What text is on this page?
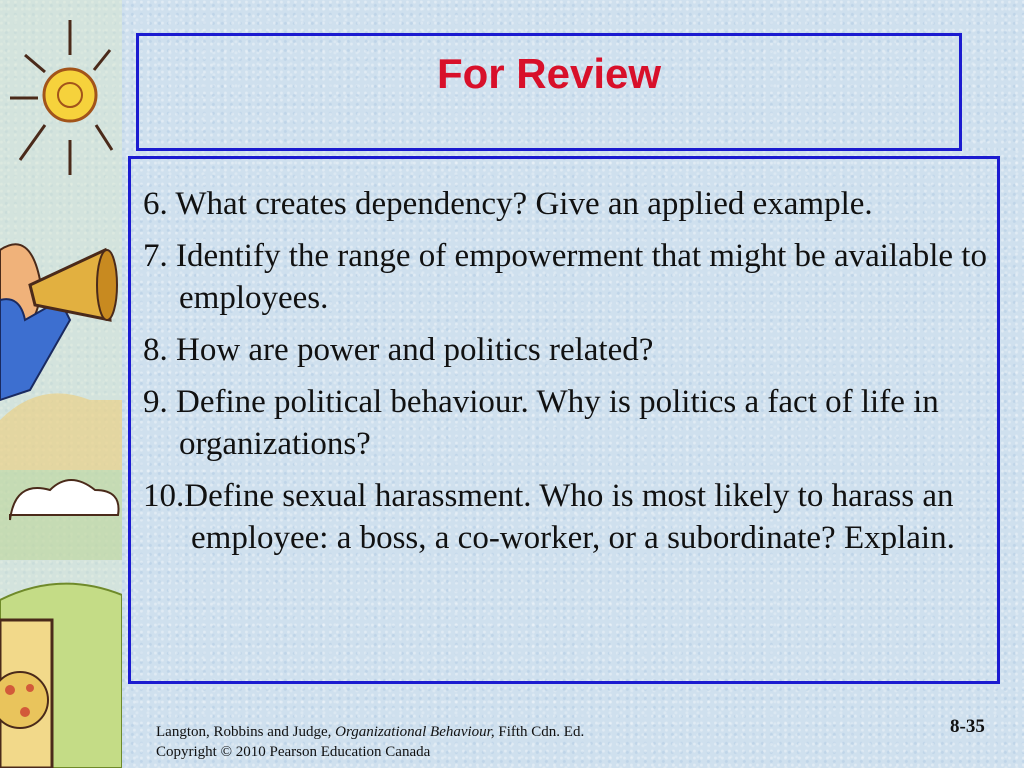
For Review
6. What creates dependency? Give an applied example.
7. Identify the range of empowerment that might be available to employees.
8. How are power and politics related?
9. Define political behaviour. Why is politics a fact of life in organizations?
10.Define sexual harassment. Who is most likely to harass an employee: a boss, a co-worker, or a subordinate? Explain.
Langton, Robbins and Judge, Organizational Behaviour, Fifth Cdn. Ed.
Copyright © 2010 Pearson Education Canada
8-35
